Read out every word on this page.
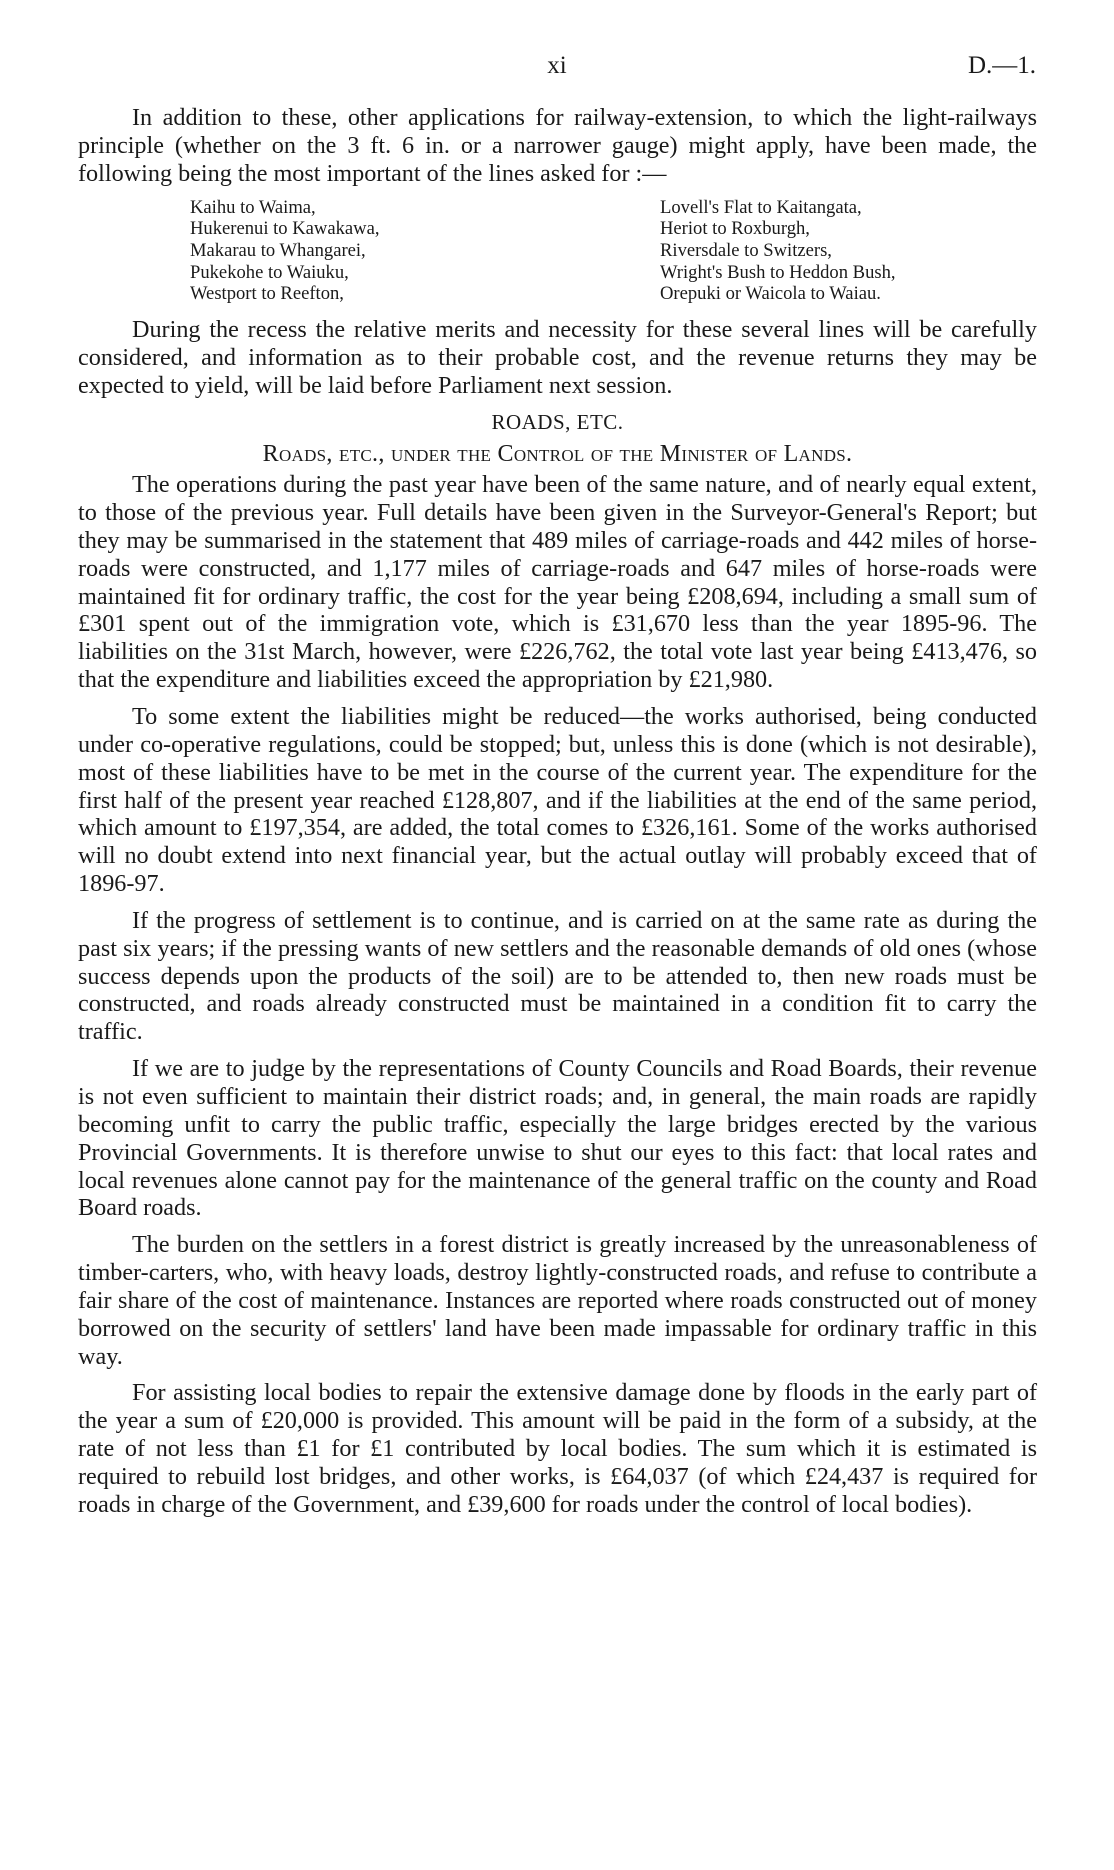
xi	D.—1.

In addition to these, other applications for railway-extension, to which the light-railways principle (whether on the 3 ft. 6 in. or a narrower gauge) might apply, have been made, the following being the most important of the lines asked for :—

Kaihu to Waima,
Hukerenui to Kawakawa,
Makarau to Whangarei,
Pukekohe to Waiuku,
Westport to Reefton,
Lovell's Flat to Kaitangata,
Heriot to Roxburgh,
Riversdale to Switzers,
Wright's Bush to Heddon Bush,
Orepuki or Waicola to Waiau.

During the recess the relative merits and necessity for these several lines will be carefully considered, and information as to their probable cost, and the revenue returns they may be expected to yield, will be laid before Parliament next session.

ROADS, ETC.
Roads, etc., under the Control of the Minister of Lands.

The operations during the past year have been of the same nature, and of nearly equal extent, to those of the previous year. Full details have been given in the Surveyor-General's Report; but they may be summarised in the statement that 489 miles of carriage-roads and 442 miles of horse-roads were constructed, and 1,177 miles of carriage-roads and 647 miles of horse-roads were maintained fit for ordinary traffic, the cost for the year being £208,694, including a small sum of £301 spent out of the immigration vote, which is £31,670 less than the year 1895-96. The liabilities on the 31st March, however, were £226,762, the total vote last year being £413,476, so that the expenditure and liabilities exceed the appropriation by £21,980.

To some extent the liabilities might be reduced—the works authorised, being conducted under co-operative regulations, could be stopped; but, unless this is done (which is not desirable), most of these liabilities have to be met in the course of the current year. The expenditure for the first half of the present year reached £128,807, and if the liabilities at the end of the same period, which amount to £197,354, are added, the total comes to £326,161. Some of the works authorised will no doubt extend into next financial year, but the actual outlay will probably exceed that of 1896-97.

If the progress of settlement is to continue, and is carried on at the same rate as during the past six years; if the pressing wants of new settlers and the reasonable demands of old ones (whose success depends upon the products of the soil) are to be attended to, then new roads must be constructed, and roads already constructed must be maintained in a condition fit to carry the traffic.

If we are to judge by the representations of County Councils and Road Boards, their revenue is not even sufficient to maintain their district roads; and, in general, the main roads are rapidly becoming unfit to carry the public traffic, especially the large bridges erected by the various Provincial Governments. It is therefore unwise to shut our eyes to this fact: that local rates and local revenues alone cannot pay for the maintenance of the general traffic on the county and Road Board roads.

The burden on the settlers in a forest district is greatly increased by the unreasonableness of timber-carters, who, with heavy loads, destroy lightly-constructed roads, and refuse to contribute a fair share of the cost of maintenance. Instances are reported where roads constructed out of money borrowed on the security of settlers' land have been made impassable for ordinary traffic in this way.

For assisting local bodies to repair the extensive damage done by floods in the early part of the year a sum of £20,000 is provided. This amount will be paid in the form of a subsidy, at the rate of not less than £1 for £1 contributed by local bodies. The sum which it is estimated is required to rebuild lost bridges, and other works, is £64,037 (of which £24,437 is required for roads in charge of the Government, and £39,600 for roads under the control of local bodies).
